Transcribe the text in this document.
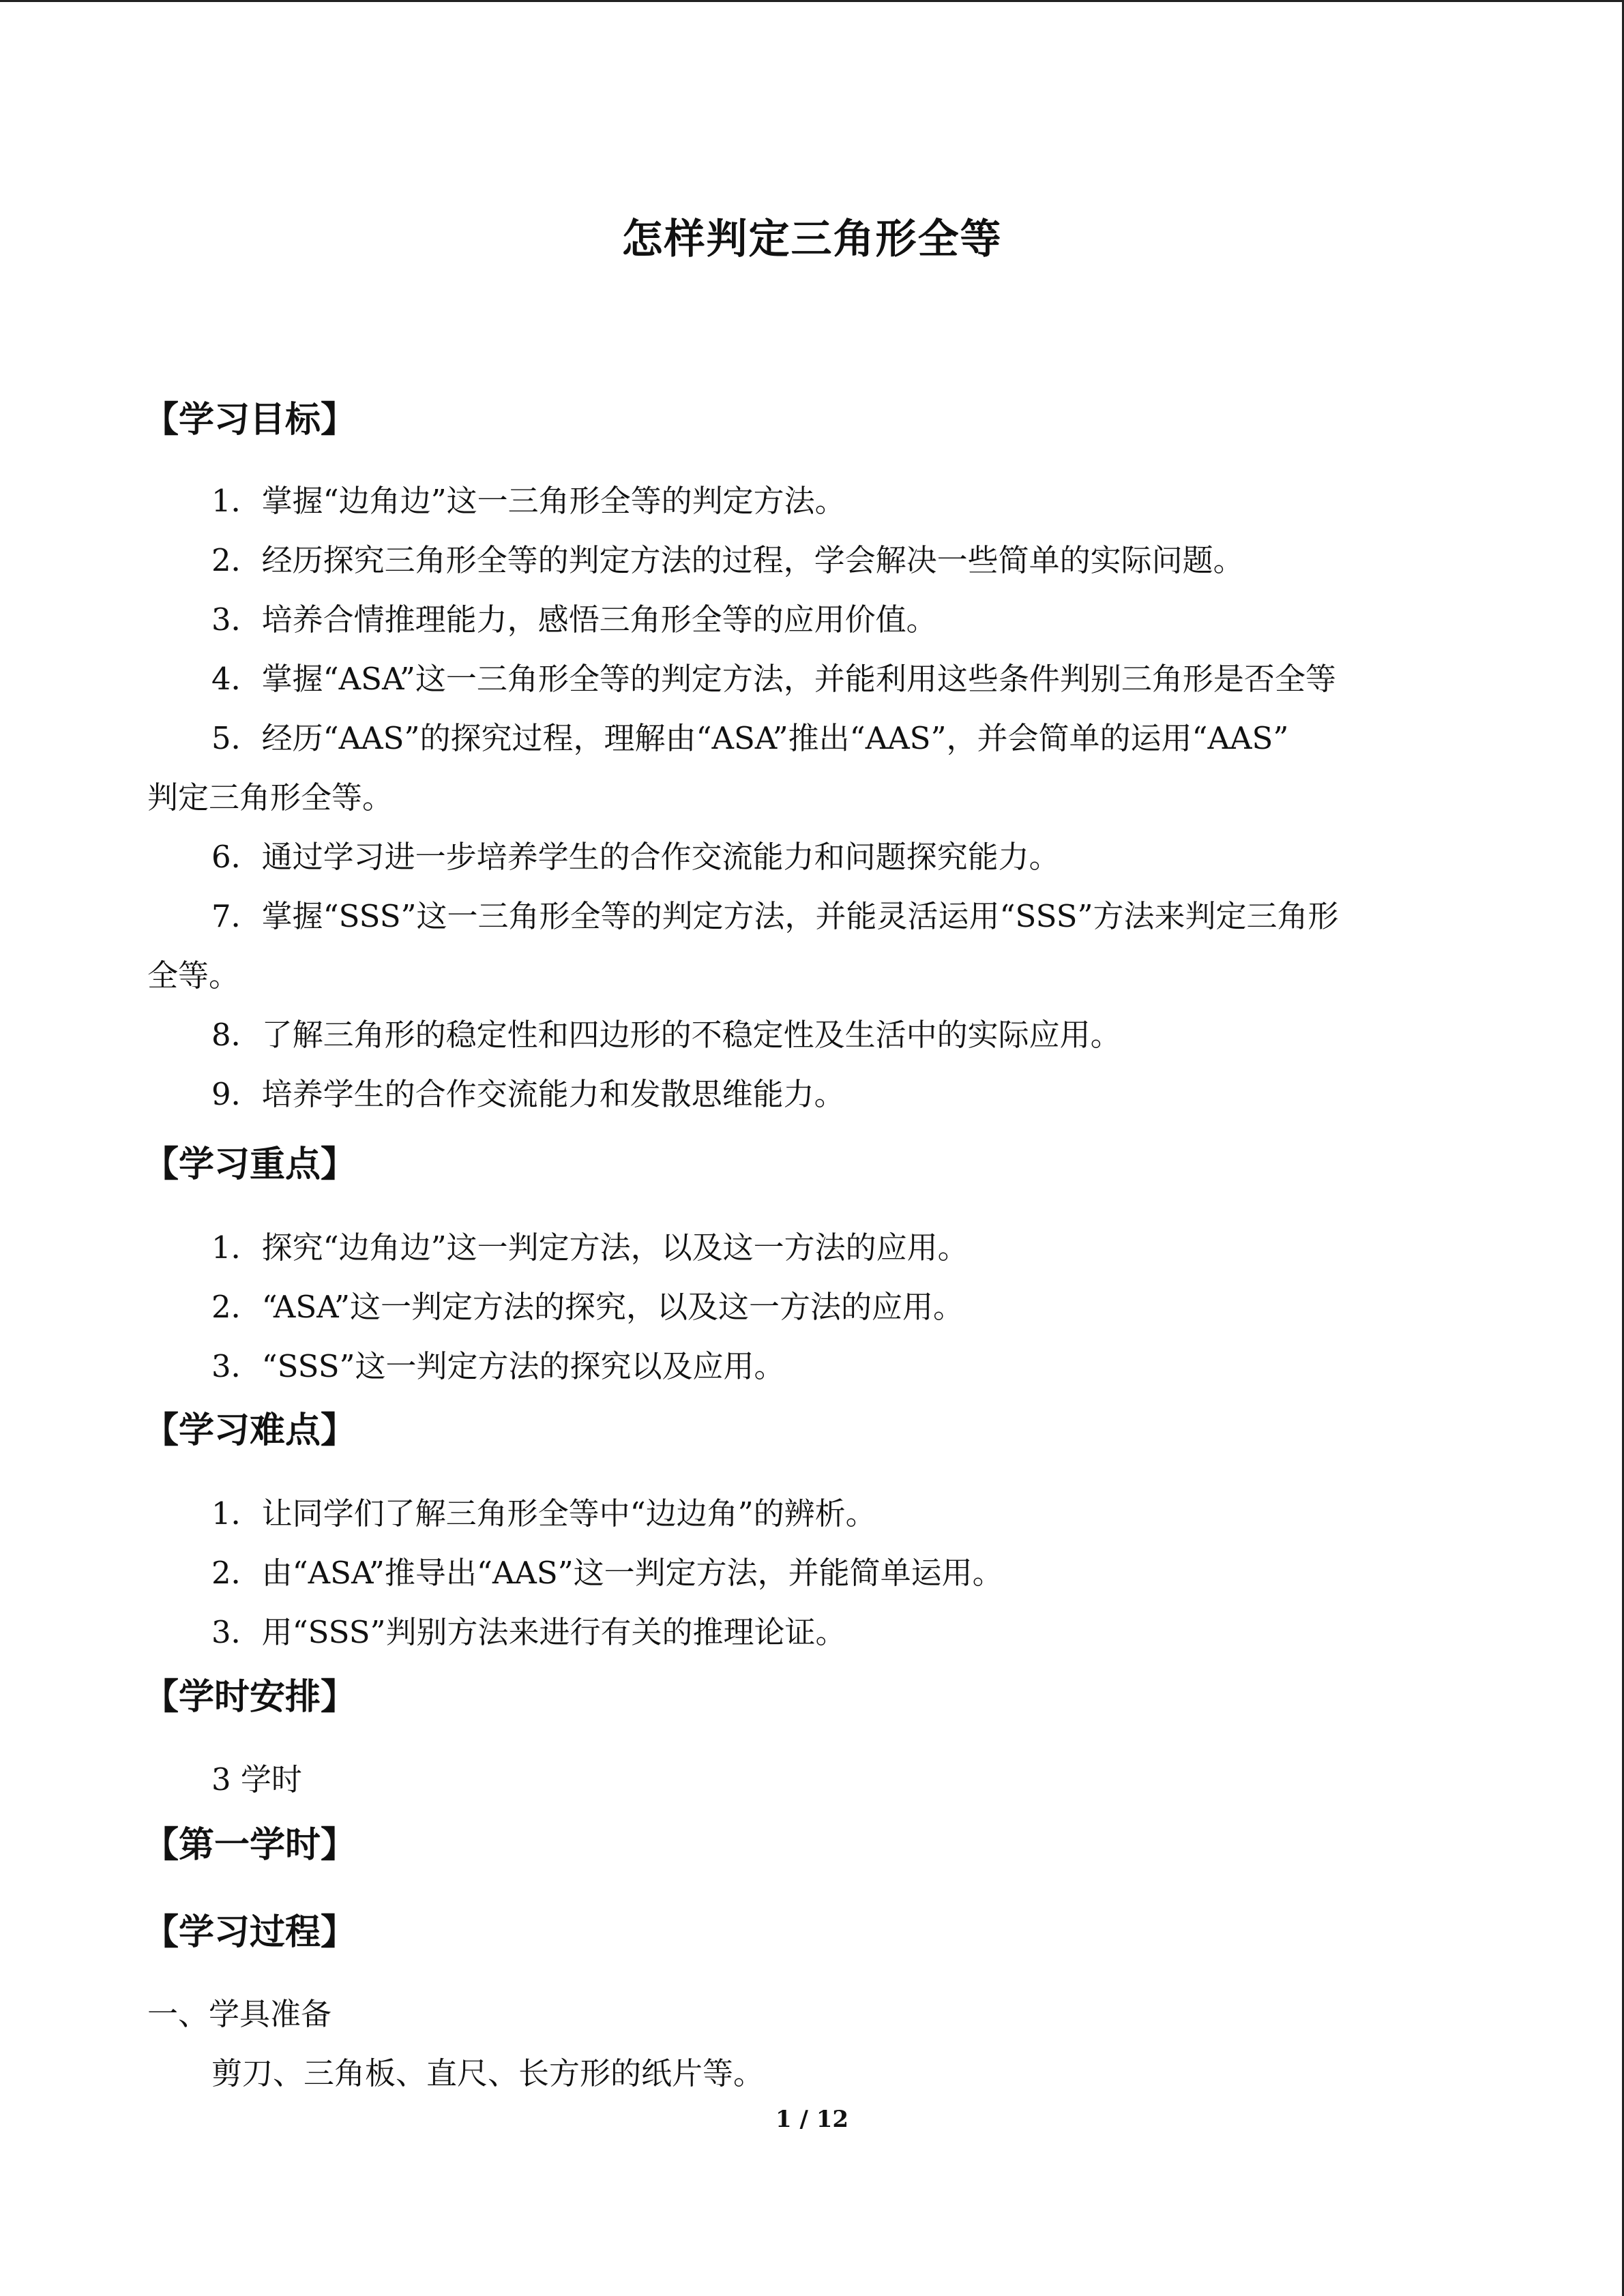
怎样判定三角形全等
【学习目标】
1．掌握“边角边”这一三角形全等的判定方法。
2．经历探究三角形全等的判定方法的过程，学会解决一些简单的实际问题。
3．培养合情推理能力，感悟三角形全等的应用价值。
4．掌握“ASA”这一三角形全等的判定方法，并能利用这些条件判别三角形是否全等
5．经历“AAS”的探究过程，理解由“ASA”推出“AAS”，并会简单的运用“AAS”
判定三角形全等。
6．通过学习进一步培养学生的合作交流能力和问题探究能力。
7．掌握“SSS”这一三角形全等的判定方法，并能灵活运用“SSS”方法来判定三角形
全等。
8．了解三角形的稳定性和四边形的不稳定性及生活中的实际应用。
9．培养学生的合作交流能力和发散思维能力。
【学习重点】
1．探究“边角边”这一判定方法，以及这一方法的应用。
2．“ASA”这一判定方法的探究，以及这一方法的应用。
3．“SSS”这一判定方法的探究以及应用。
【学习难点】
1．让同学们了解三角形全等中“边边角”的辨析。
2．由“ASA”推导出“AAS”这一判定方法，并能简单运用。
3．用“SSS”判别方法来进行有关的推理论证。
【学时安排】
3 学时
【第一学时】
【学习过程】
一、学具准备
剪刀、三角板、直尺、长方形的纸片等。
1 / 12
